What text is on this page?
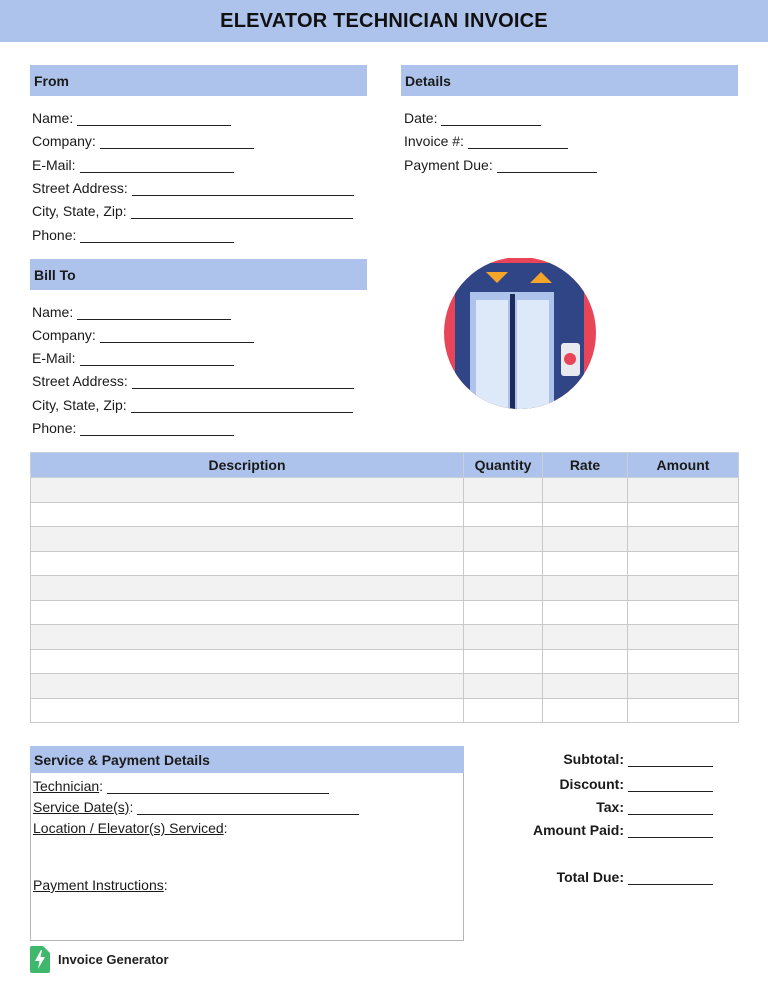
ELEVATOR TECHNICIAN INVOICE
From
Name:
Company:
E-Mail:
Street Address:
City, State, Zip:
Phone:
Details
Date:
Invoice #:
Payment Due:
Bill To
Name:
Company:
E-Mail:
Street Address:
City, State, Zip:
Phone:
Description	Quantity	Rate	Amount

Service & Payment Details
Technician :
Service Date(s) :
Location / Elevator(s) Serviced :
Payment Instructions :
Subtotal :
Discount :
Tax :
Amount Paid :
Total Due :
Invoice Generator
